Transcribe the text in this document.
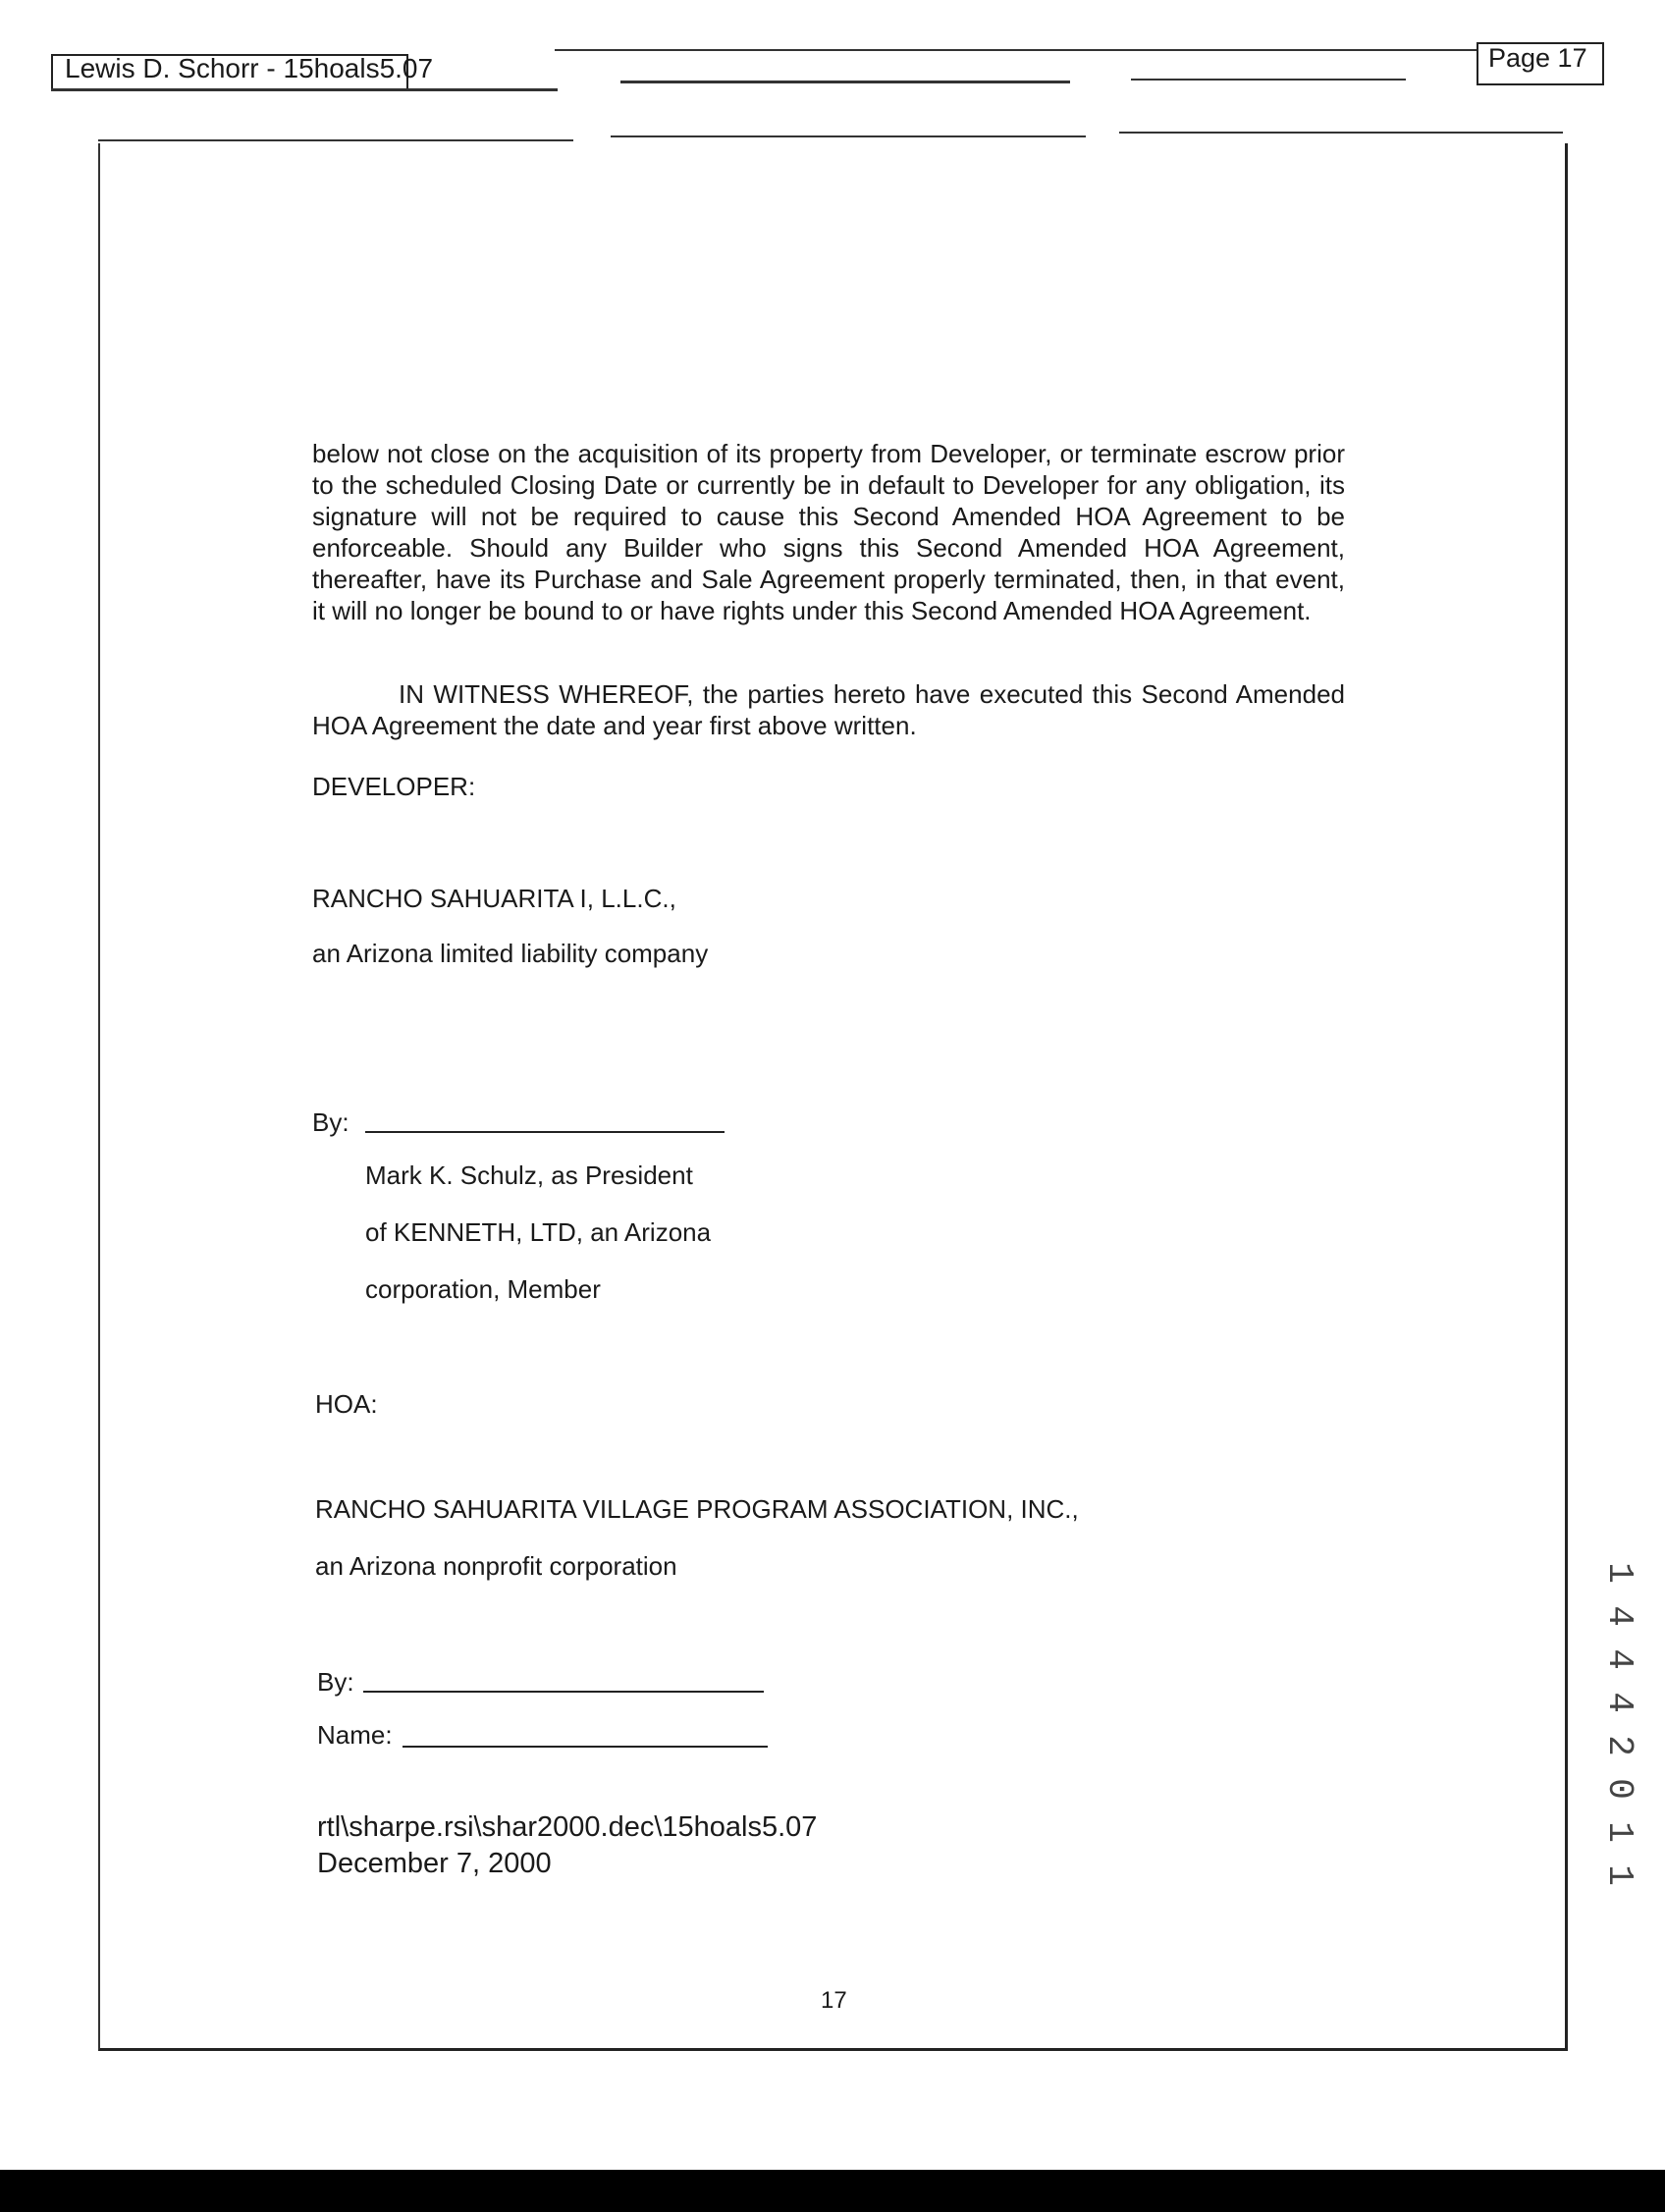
Lewis D. Schorr - 15hoals5.07	Page 17
below not close on the acquisition of its property from Developer, or terminate escrow prior to the scheduled Closing Date or currently be in default to Developer for any obligation, its signature will not be required to cause this Second Amended HOA Agreement to be enforceable. Should any Builder who signs this Second Amended HOA Agreement, thereafter, have its Purchase and Sale Agreement properly terminated, then, in that event, it will no longer be bound to or have rights under this Second Amended HOA Agreement.
IN WITNESS WHEREOF, the parties hereto have executed this Second Amended HOA Agreement the date and year first above written.
DEVELOPER:
RANCHO SAHUARITA I, L.L.C.,
an Arizona limited liability company
By:
Mark K. Schulz, as President
of KENNETH, LTD, an Arizona
corporation, Member
HOA:
RANCHO SAHUARITA VILLAGE PROGRAM ASSOCIATION, INC.,
an Arizona nonprofit corporation
By:
Name:
rtl\sharpe.rsi\shar2000.dec\15hoals5.07
December 7, 2000
17
1
4
4
4
2
0
1
1
